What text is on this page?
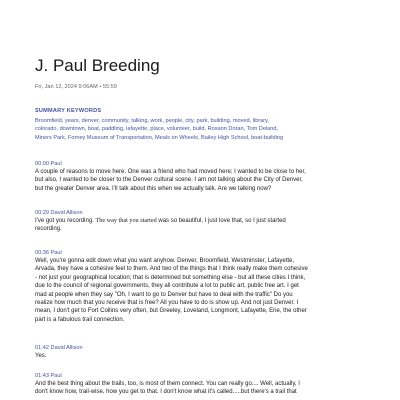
J. Paul Breeding
Fri, Jan 12, 2024 9:06AM • 55:59
SUMMARY KEYWORDS
Broomfield, years, denver, community, talking, work, people, city, park, building, moved, library,
colorado, downtown, boat, paddling, lafayette, place, volunteer, build, Rosann Doran, Tom Deland,
Miners Park, Forney Museum of Transportation, Meals on Wheels, Bailey High School, boat-building
00:00 Paul
A couple of reasons to move here. One was a friend who had moved here; I wanted to be close to her,
but also, I wanted to be closer to the Denver cultural scene. I am not talking about the City of Denver,
but the greater Denver area. I'll talk about this when we actually talk. Are we talking now?
00:29 David Allison
I've got you recording. The way that you started was so beautiful, I just love that, so I just started
recording.
00:36 Paul
Well, you're gonna edit down what you want anyhow. Denver, Broomfield, Westminster, Lafayette,
Arvada, they have a cohesive feel to them. And two of the things that I think really make them cohesive
- not just your geographical location; that is determined but something else - but all these cities I think,
due to the council of regional governments, they all contribute a lot to public art, public free art. I get
mad at people when they say "Oh, I want to go to Denver but have to deal with the traffic" Do you
realize how much that you receive that is free? All you have to do is show up. And not just Denver. I
mean, I don't get to Fort Collins very often, but Greeley, Loveland, Longmont, Lafayette, Erie, the other
part is a fabulous trail connection.
01:42 David Allison
Yes.
01:43 Paul
And the best thing about the trails, too, is most of them connect. You can really go.... Well, actually, I
don't know how, trail-wise, how you get to that. I don't know what it's called.....but there's a trail that
